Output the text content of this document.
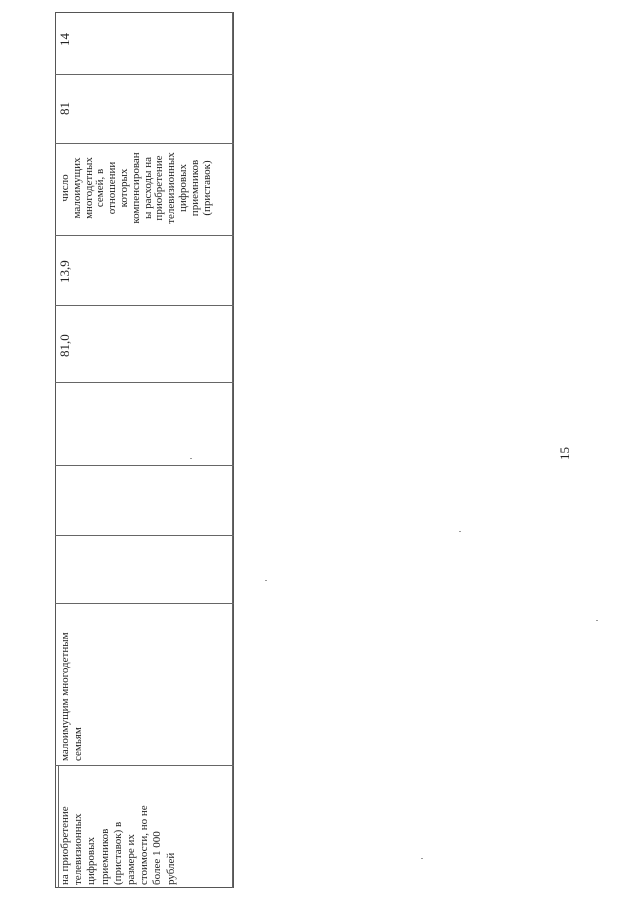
14
81
число
малоимущих
многодетных
семей, в
отношении
которых
компенсирован
ы расходы на
приобретение
телевизионных
цифровых
приемников
(приставок)
13,9
81,0
малоимущим многодетным
семьям
на приобретение
телевизионных
цифровых
приемников
(приставок) в
размере их
стоимости, но не
более 1 000
рублей
15
